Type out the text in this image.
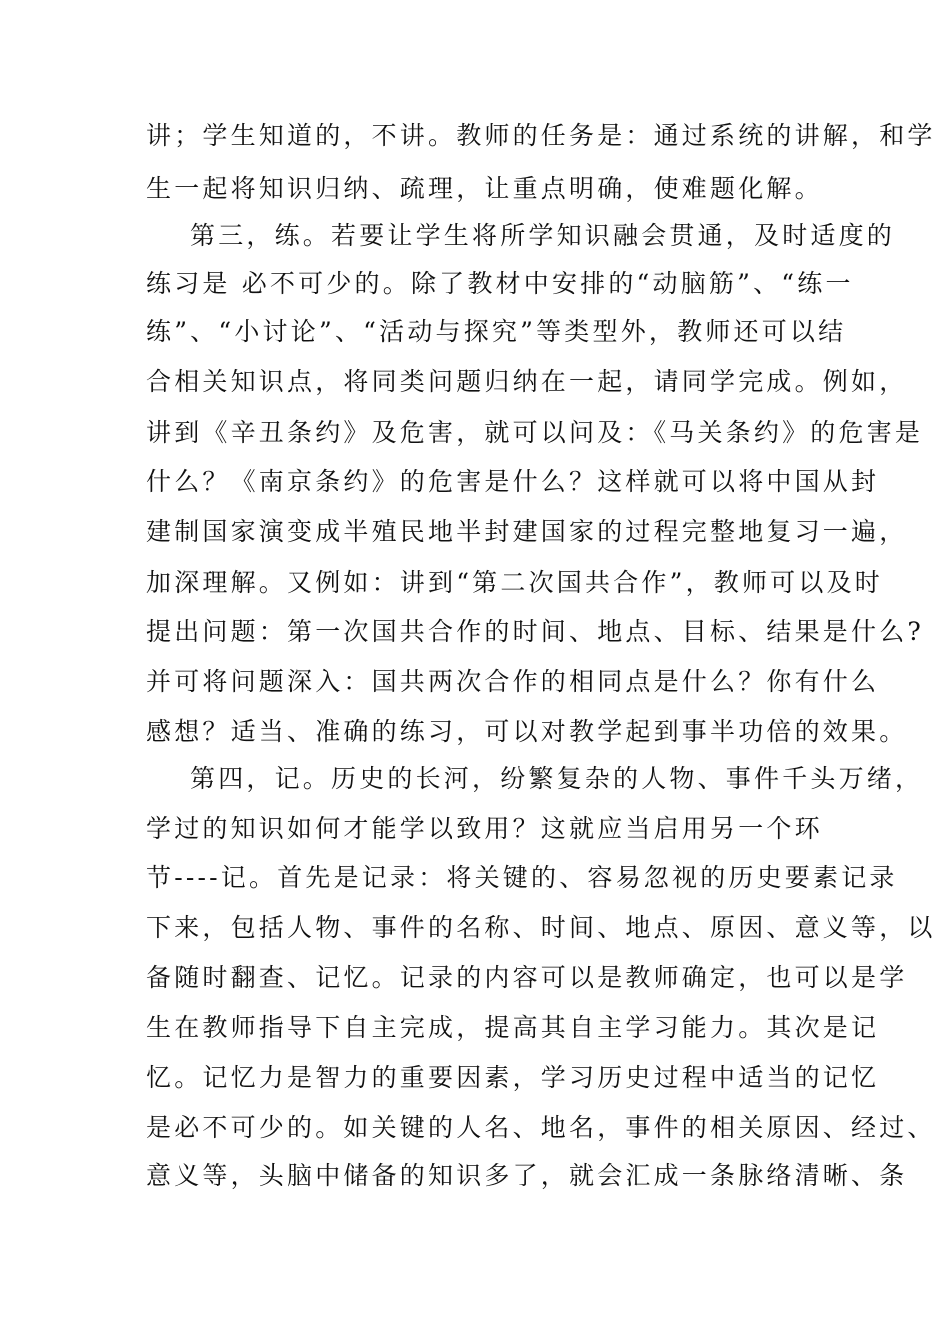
讲；学生知道的，不讲。教师的任务是：通过系统的讲解，和学
生一起将知识归纳、疏理，让重点明确，使难题化解。
第三，练。若要让学生将所学知识融会贯通，及时适度的
练习是 必不可少的。除了教材中安排的“动脑筋”、“练一
练”、“小讨论”、“活动与探究”等类型外，教师还可以结
合相关知识点，将同类问题归纳在一起，请同学完成。例如，
讲到《辛丑条约》及危害，就可以问及：《马关条约》的危害是
什么？《南京条约》的危害是什么？这样就可以将中国从封
建制国家演变成半殖民地半封建国家的过程完整地复习一遍，
加深理解。又例如：讲到“第二次国共合作”，教师可以及时
提出问题：第一次国共合作的时间、地点、目标、结果是什么?
并可将问题深入：国共两次合作的相同点是什么？你有什么
感想？适当、准确的练习，可以对教学起到事半功倍的效果。
第四，记。历史的长河，纷繁复杂的人物、事件千头万绪，
学过的知识如何才能学以致用？这就应当启用另一个环
节----记。首先是记录：将关键的、容易忽视的历史要素记录
下来，包括人物、事件的名称、时间、地点、原因、意义等，以
备随时翻查、记忆。记录的内容可以是教师确定，也可以是学
生在教师指导下自主完成，提高其自主学习能力。其次是记
忆。记忆力是智力的重要因素，学习历史过程中适当的记忆
是必不可少的。如关键的人名、地名，事件的相关原因、经过、
意义等，头脑中储备的知识多了，就会汇成一条脉络清晰、条
